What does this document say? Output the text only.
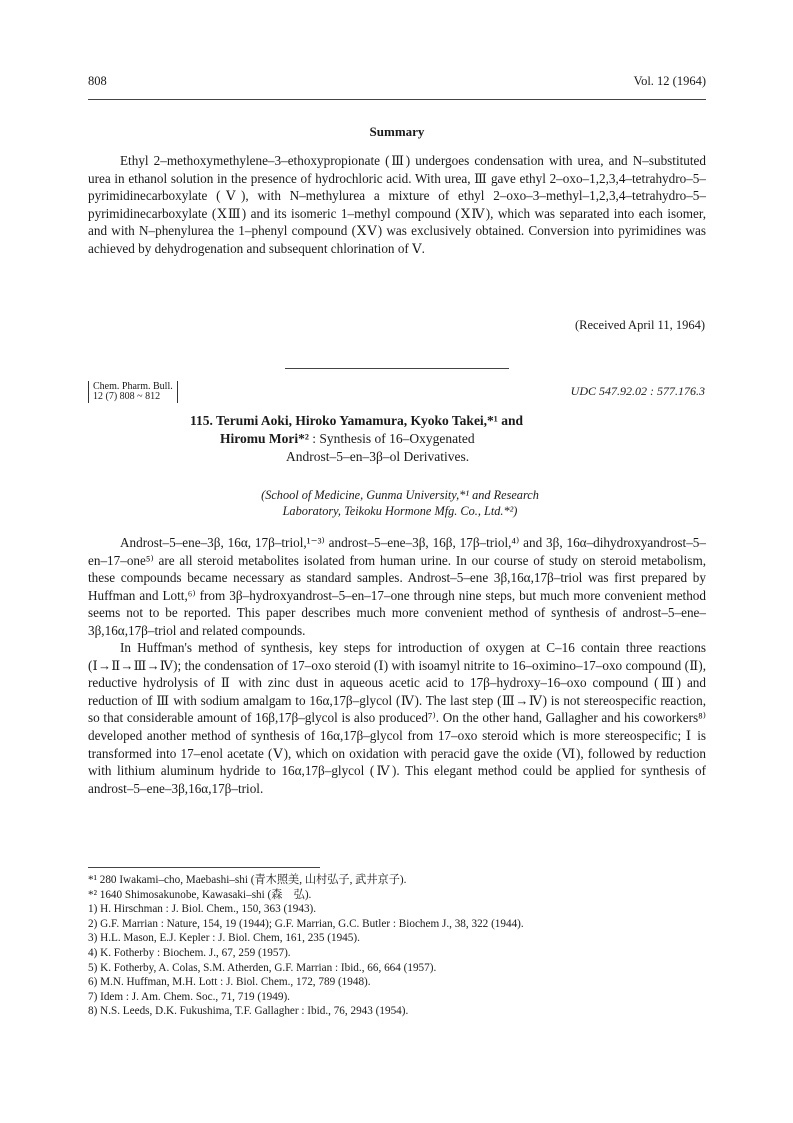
808	Vol. 12 (1964)
Summary

Ethyl 2–methoxymethylene–3–ethoxypropionate (Ⅲ) undergoes condensation with urea, and N–substituted urea in ethanol solution in the presence of hydrochloric acid. With urea, Ⅲ gave ethyl 2–oxo–1,2,3,4–tetrahydro–5–pyrimidinecarboxylate (Ⅴ), with N–methylurea a mixture of ethyl 2–oxo–3–methyl–1,2,3,4–tetrahydro–5–pyrimidinecarboxylate (ⅩⅢ) and its isomeric 1–methyl compound (ⅩⅣ), which was separated into each isomer, and with N–phenylurea the 1–phenyl compound (ⅩⅤ) was exclusively obtained. Conversion into pyrimidines was achieved by dehydrogenation and subsequent chlorination of Ⅴ.

(Received April 11, 1964)
Chem. Pharm. Bull.
12 (7) 808 ~ 812	UDC 547.92.02 : 577.176.3
115. Terumi Aoki, Hiroko Yamamura, Kyoko Takei,*¹ and
Hiromu Mori*² : Synthesis of 16–Oxygenated
Androst–5–en–3β–ol Derivatives.
(School of Medicine, Gunma University,*¹ and Research
Laboratory, Teikoku Hormone Mfg. Co., Ltd.*²)

Androst–5–ene–3β, 16α, 17β–triol,¹⁻³⁾ androst–5–ene–3β, 16β, 17β–triol,⁴⁾ and 3β, 16α–dihydroxyandrost–5–en–17–one⁵⁾ are all steroid metabolites isolated from human urine. In our course of study on steroid metabolism, these compounds became necessary as standard samples. Androst–5–ene 3β,16α,17β–triol was first prepared by Huffman and Lott,⁶⁾ from 3β–hydroxyandrost–5–en–17–one through nine steps, but much more convenient method seems not to be reported. This paper describes much more convenient method of synthesis of androst–5–ene–3β,16α,17β–triol and related compounds.

In Huffman's method of synthesis, key steps for introduction of oxygen at C–16 contain three reactions (Ⅰ→Ⅱ→Ⅲ→Ⅳ); the condensation of 17–oxo steroid (Ⅰ) with isoamyl nitrite to 16–oximino–17–oxo compound (Ⅱ), reductive hydrolysis of Ⅱ with zinc dust in aqueous acetic acid to 17β–hydroxy–16–oxo compound (Ⅲ) and reduction of Ⅲ with sodium amalgam to 16α,17β–glycol (Ⅳ). The last step (Ⅲ→Ⅳ) is not stereospecific reaction, so that considerable amount of 16β,17β–glycol is also produced⁷⁾. On the other hand, Gallagher and his coworkers⁸⁾ developed another method of synthesis of 16α,17β–glycol from 17–oxo steroid which is more stereospecific; Ⅰ is transformed into 17–enol acetate (Ⅴ), which on oxidation with peracid gave the oxide (Ⅵ), followed by reduction with lithium aluminum hydride to 16α,17β–glycol (Ⅳ). This elegant method could be applied for synthesis of androst–5–ene–3β,16α,17β–triol.

*¹ 280 Iwakami–cho, Maebashi–shi (青木照美, 山村弘子, 武井京子).
*² 1640 Shimosakunobe, Kawasaki–shi (森　弘).
1) H. Hirschman : J. Biol. Chem., 150, 363 (1943).
2) G.F. Marrian : Nature, 154, 19 (1944); G.F. Marrian, G.C. Butler : Biochem J., 38, 322 (1944).
3) H.L. Mason, E.J. Kepler : J. Biol. Chem, 161, 235 (1945).
4) K. Fotherby : Biochem. J., 67, 259 (1957).
5) K. Fotherby, A. Colas, S.M. Atherden, G.F. Marrian : Ibid., 66, 664 (1957).
6) M.N. Huffman, M.H. Lott : J. Biol. Chem., 172, 789 (1948).
7) Idem : J. Am. Chem. Soc., 71, 719 (1949).
8) N.S. Leeds, D.K. Fukushima, T.F. Gallagher : Ibid., 76, 2943 (1954).
